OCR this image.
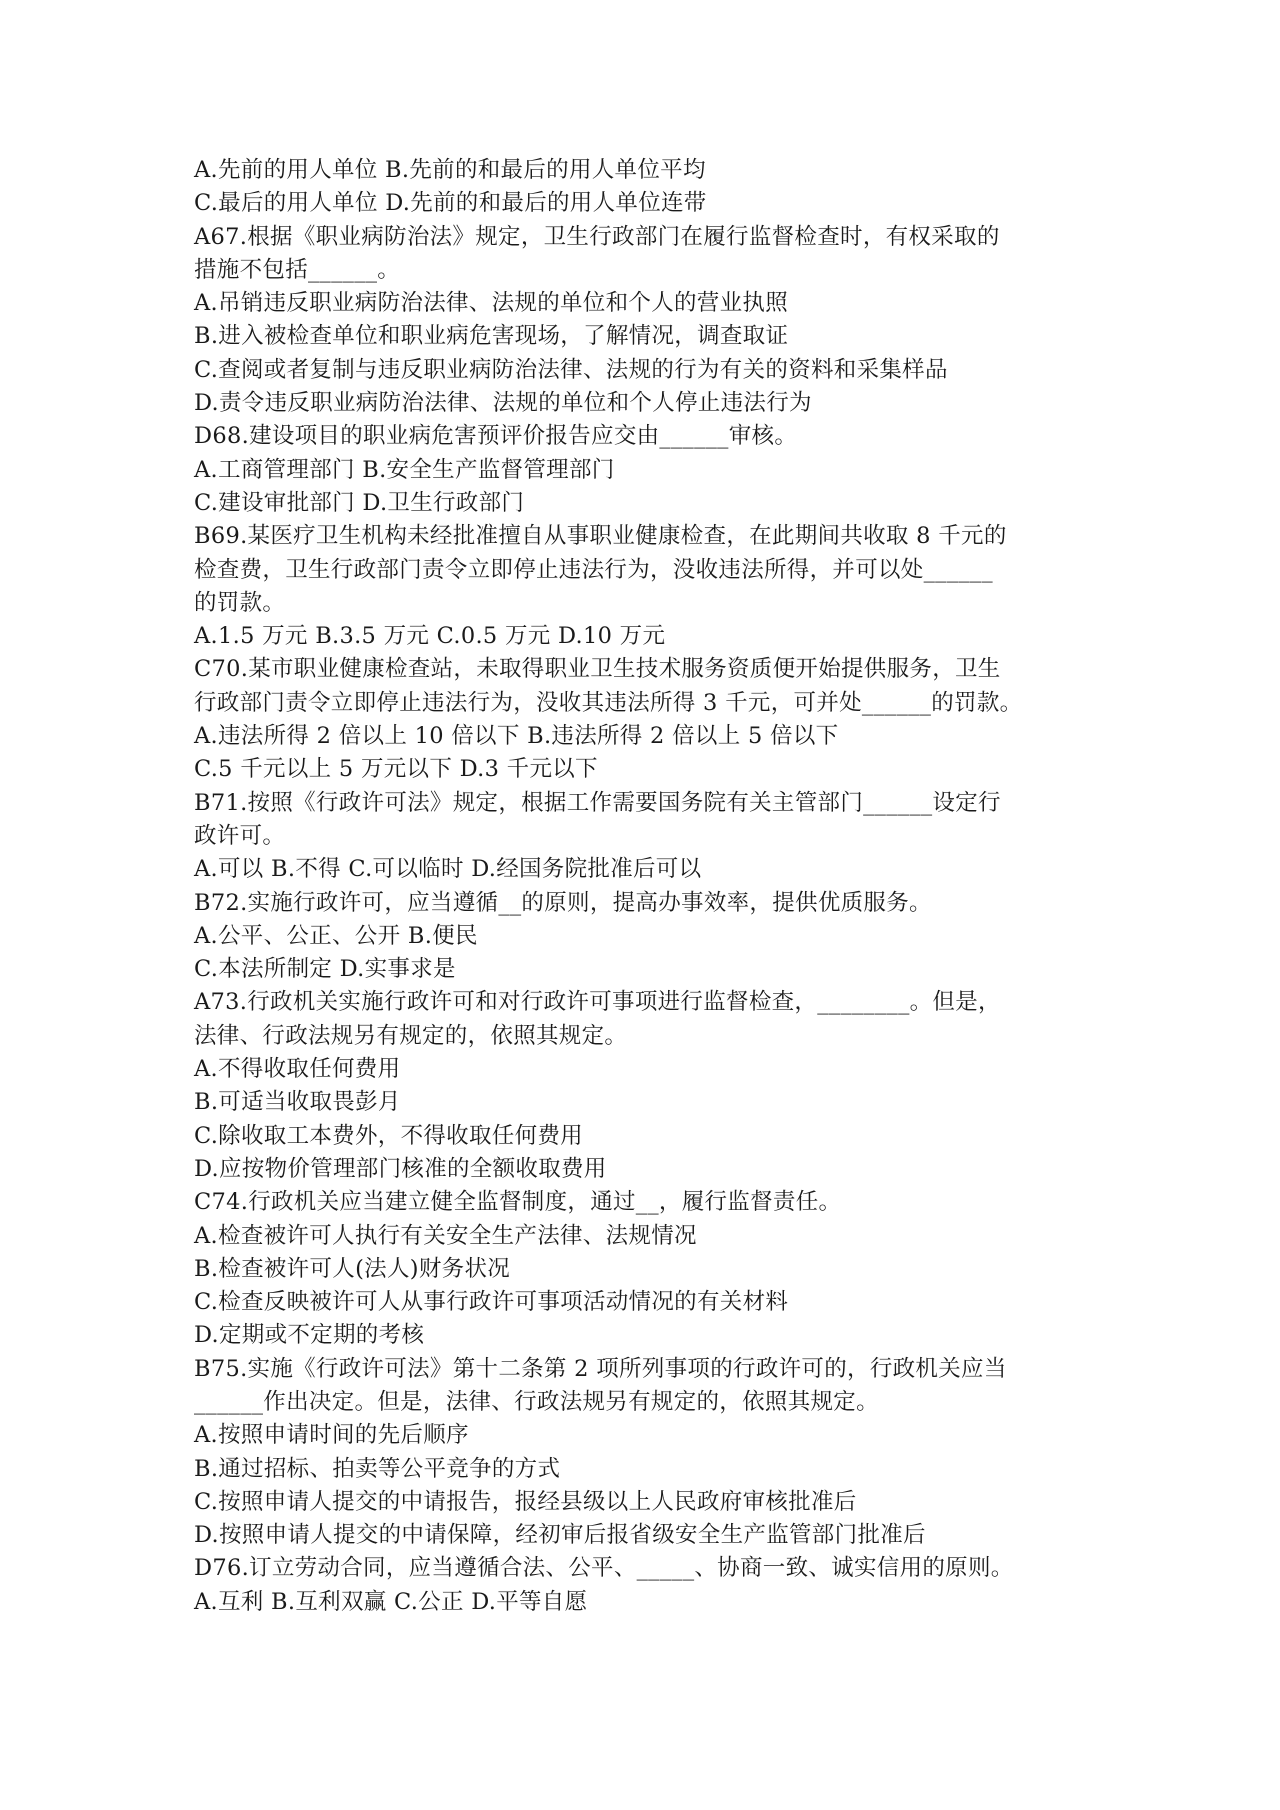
A.先前的用人单位 B.先前的和最后的用人单位平均
C.最后的用人单位 D.先前的和最后的用人单位连带
A67.根据《职业病防治法》规定，卫生行政部门在履行监督检查时，有权采取的
措施不包括______。
A.吊销违反职业病防治法律、法规的单位和个人的营业执照
B.进入被检查单位和职业病危害现场，了解情况，调查取证
C.查阅或者复制与违反职业病防治法律、法规的行为有关的资料和采集样品
D.责令违反职业病防治法律、法规的单位和个人停止违法行为
D68.建设项目的职业病危害预评价报告应交由______审核。
A.工商管理部门 B.安全生产监督管理部门
C.建设审批部门 D.卫生行政部门
B69.某医疗卫生机构未经批准擅自从事职业健康检查，在此期间共收取 8 千元的
检查费，卫生行政部门责令立即停止违法行为，没收违法所得，并可以处______
的罚款。
A.1.5 万元 B.3.5 万元 C.0.5 万元 D.10 万元
C70.某市职业健康检查站，未取得职业卫生技术服务资质便开始提供服务，卫生
行政部门责令立即停止违法行为，没收其违法所得 3 千元，可并处______的罚款。
A.违法所得 2 倍以上 10 倍以下 B.违法所得 2 倍以上 5 倍以下
C.5 千元以上 5 万元以下 D.3 千元以下
B71.按照《行政许可法》规定，根据工作需要国务院有关主管部门______设定行
政许可。
A.可以 B.不得 C.可以临时 D.经国务院批准后可以
B72.实施行政许可，应当遵循__的原则，提高办事效率，提供优质服务。
A.公平、公正、公开 B.便民
C.本法所制定 D.实事求是
A73.行政机关实施行政许可和对行政许可事项进行监督检查，________。但是，
法律、行政法规另有规定的，依照其规定。
A.不得收取任何费用
B.可适当收取畏彭月
C.除收取工本费外，不得收取任何费用
D.应按物价管理部门核准的全额收取费用
C74.行政机关应当建立健全监督制度，通过__，履行监督责任。
A.检查被许可人执行有关安全生产法律、法规情况
B.检查被许可人(法人)财务状况
C.检查反映被许可人从事行政许可事项活动情况的有关材料
D.定期或不定期的考核
B75.实施《行政许可法》第十二条第 2 项所列事项的行政许可的，行政机关应当
______作出决定。但是，法律、行政法规另有规定的，依照其规定。
A.按照申请时间的先后顺序
B.通过招标、拍卖等公平竞争的方式
C.按照申请人提交的中请报告，报经县级以上人民政府审核批准后
D.按照申请人提交的中请保障，经初审后报省级安全生产监管部门批准后
D76.订立劳动合同，应当遵循合法、公平、_____、协商一致、诚实信用的原则。
A.互利 B.互利双赢 C.公正 D.平等自愿
